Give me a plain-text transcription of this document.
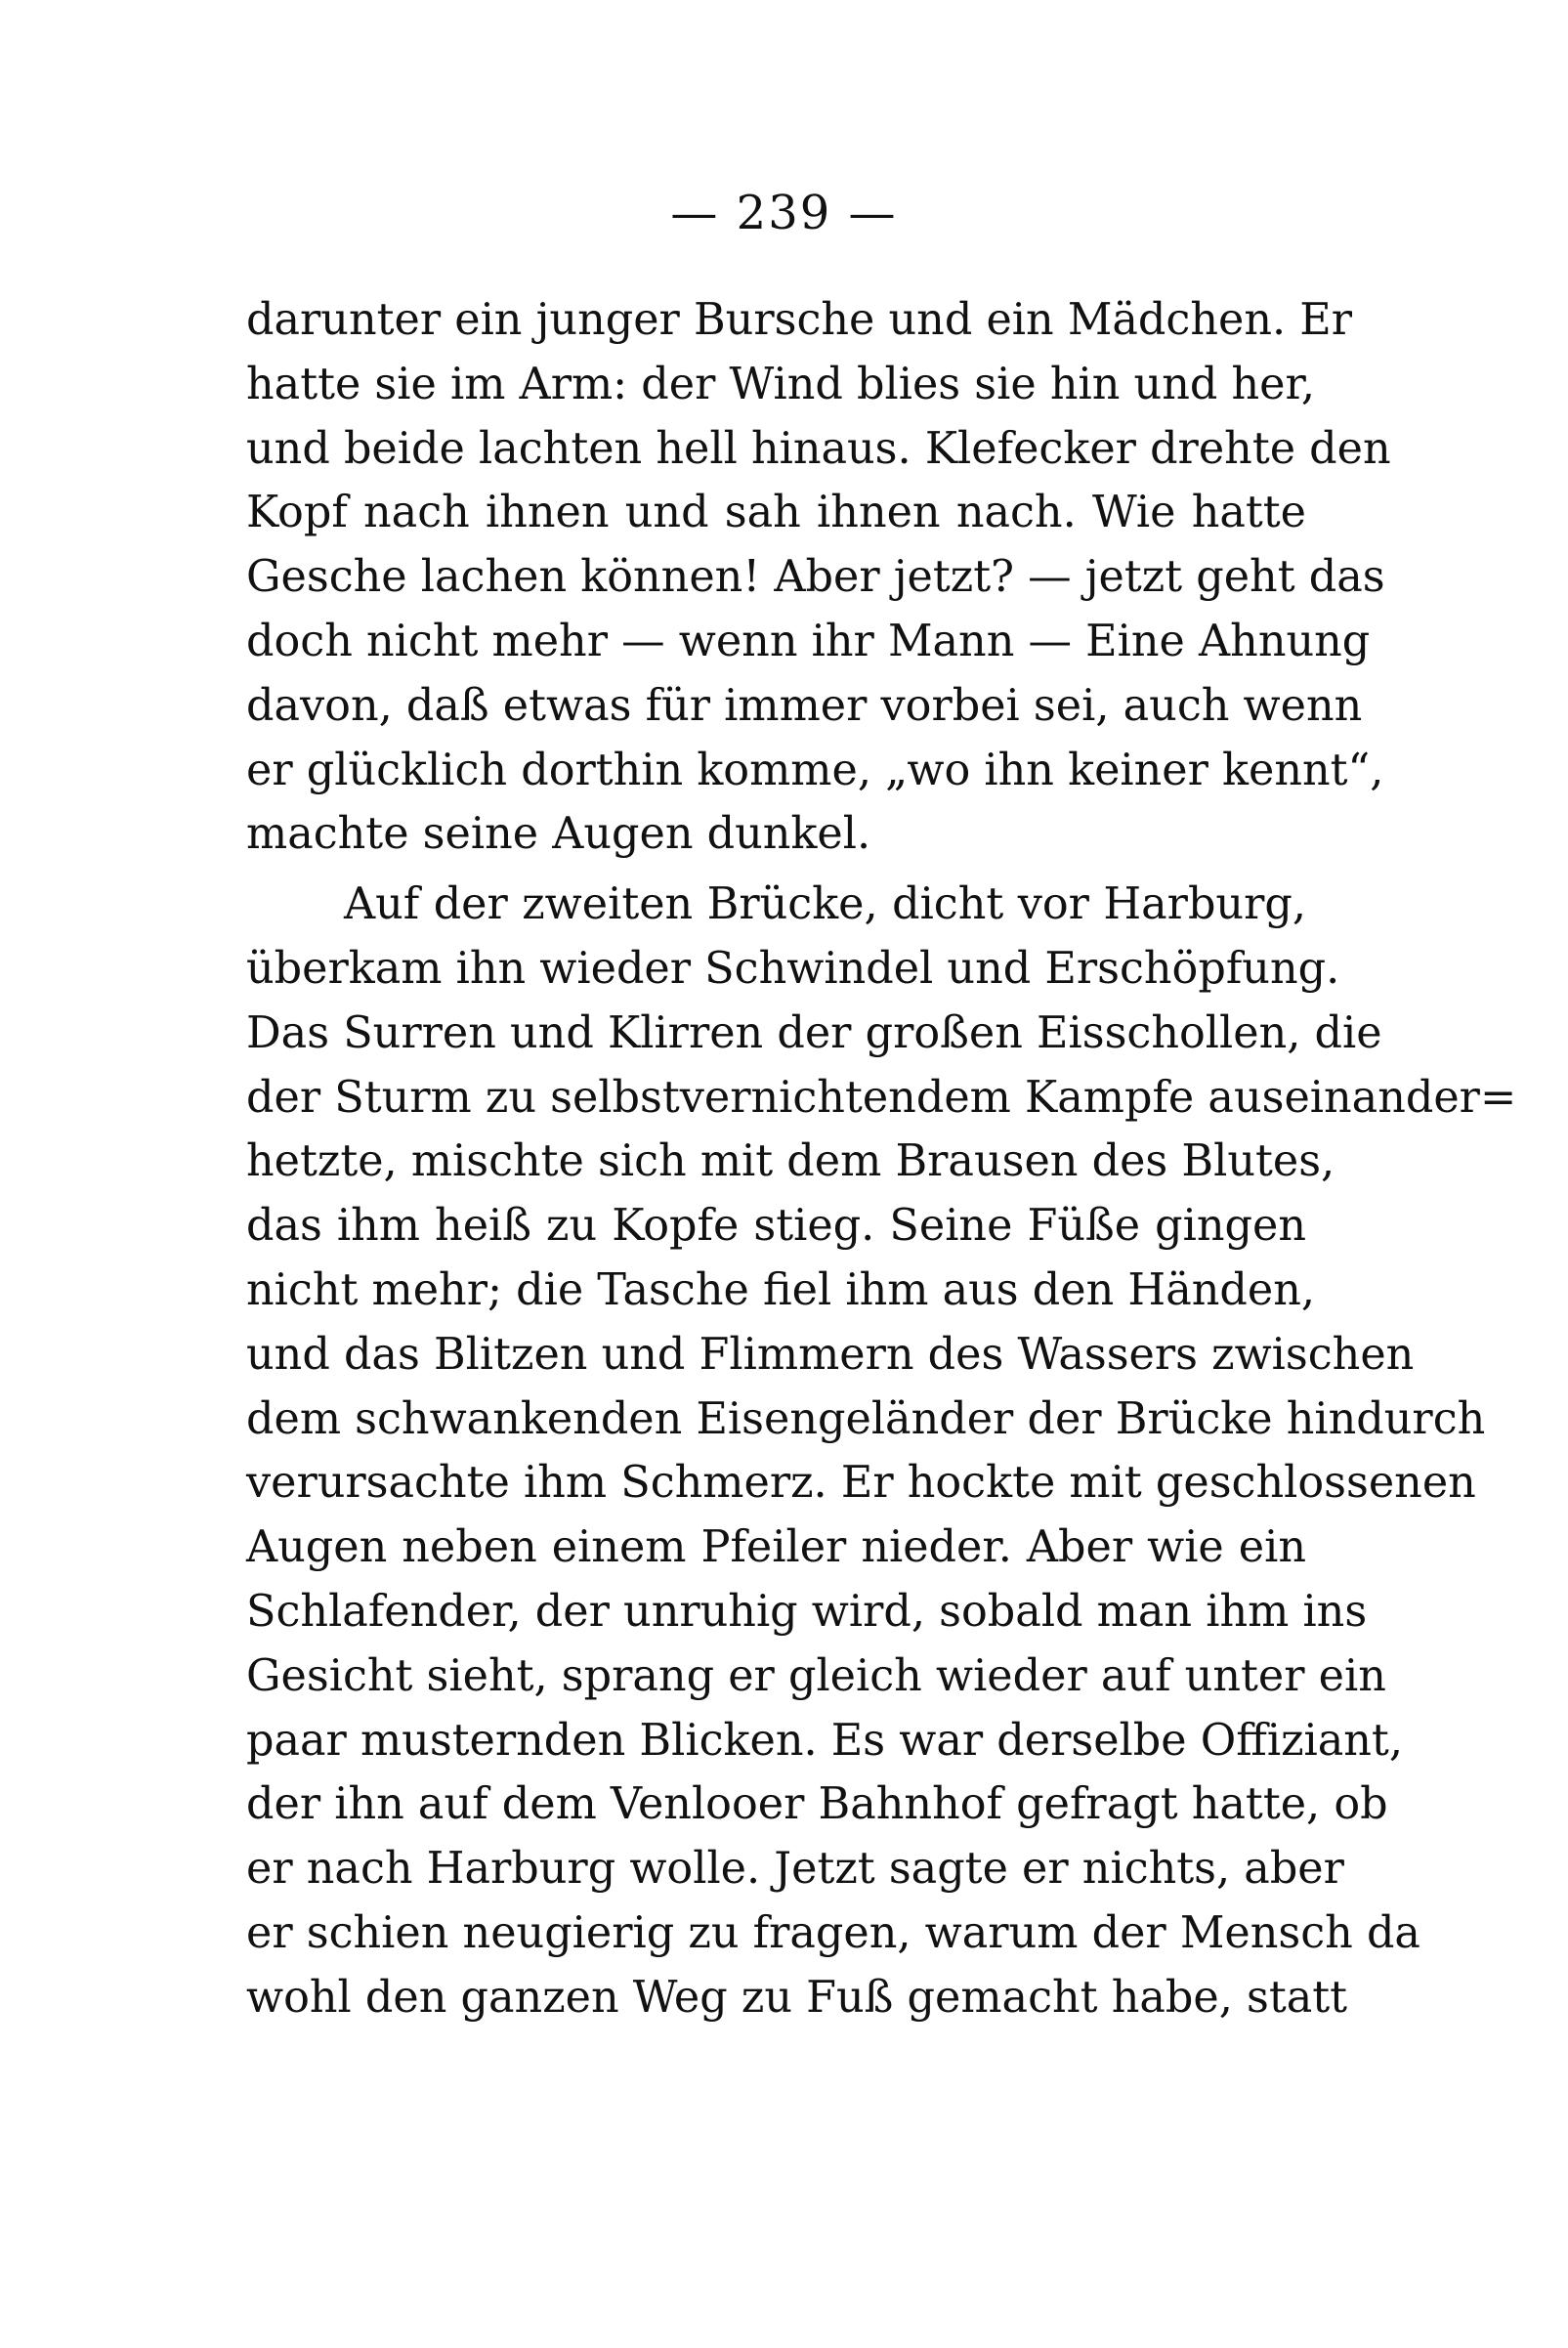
— 239 —
darunter ein junger Bursche und ein Mädchen. Er
hatte sie im Arm: der Wind blies sie hin und her,
und beide lachten hell hinaus. Klefecker drehte den
Kopf nach ihnen und sah ihnen nach. Wie hatte
Gesche lachen können! Aber jetzt? — jetzt geht das
doch nicht mehr — wenn ihr Mann — Eine Ahnung
davon, daß etwas für immer vorbei sei, auch wenn
er glücklich dorthin komme, „wo ihn keiner kennt“,
machte seine Augen dunkel.
Auf der zweiten Brücke, dicht vor Harburg,
überkam ihn wieder Schwindel und Erschöpfung.
Das Surren und Klirren der großen Eisschollen, die
der Sturm zu selbstvernichtendem Kampfe auseinander=
hetzte, mischte sich mit dem Brausen des Blutes,
das ihm heiß zu Kopfe stieg. Seine Füße gingen
nicht mehr; die Tasche fiel ihm aus den Händen,
und das Blitzen und Flimmern des Wassers zwischen
dem schwankenden Eisengeländer der Brücke hindurch
verursachte ihm Schmerz. Er hockte mit geschlossenen
Augen neben einem Pfeiler nieder. Aber wie ein
Schlafender, der unruhig wird, sobald man ihm ins
Gesicht sieht, sprang er gleich wieder auf unter ein
paar musternden Blicken. Es war derselbe Offiziant,
der ihn auf dem Venlooer Bahnhof gefragt hatte, ob
er nach Harburg wolle. Jetzt sagte er nichts, aber
er schien neugierig zu fragen, warum der Mensch da
wohl den ganzen Weg zu Fuß gemacht habe, statt
